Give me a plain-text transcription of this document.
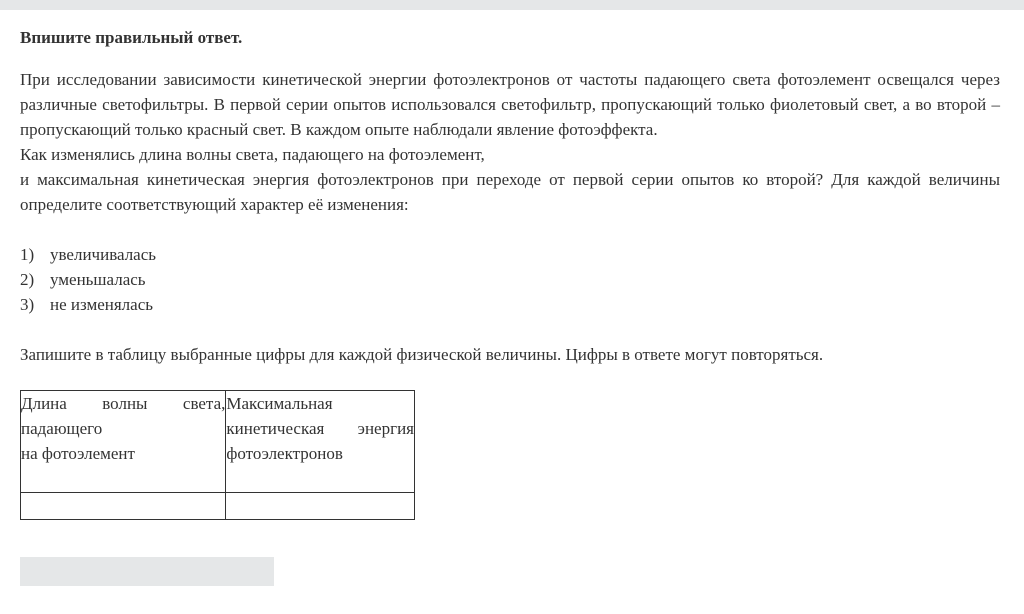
Впишите правильный ответ.

При исследовании зависимости кинетической энергии фотоэлектронов от частоты падающего света фотоэлемент освещался через различные светофильтры. В первой серии опытов использовался светофильтр, пропускающий только фиолетовый свет, а во второй – пропускающий только красный свет. В каждом опыте наблюдали явление фотоэффекта.

Как изменялись длина волны света, падающего на фотоэлемент,

и максимальная кинетическая энергия фотоэлектронов при переходе от первой серии опытов ко второй? Для каждой величины определите соответствующий характер её изменения:

1) увеличивалась
2) уменьшалась
3) не изменялась

Запишите в таблицу выбранные цифры для каждой физической величины. Цифры в ответе могут повторяться.

Длина волны света,
падающего
на фотоэлемент	Максимальная
кинетическая энергия
фотоэлектронов
